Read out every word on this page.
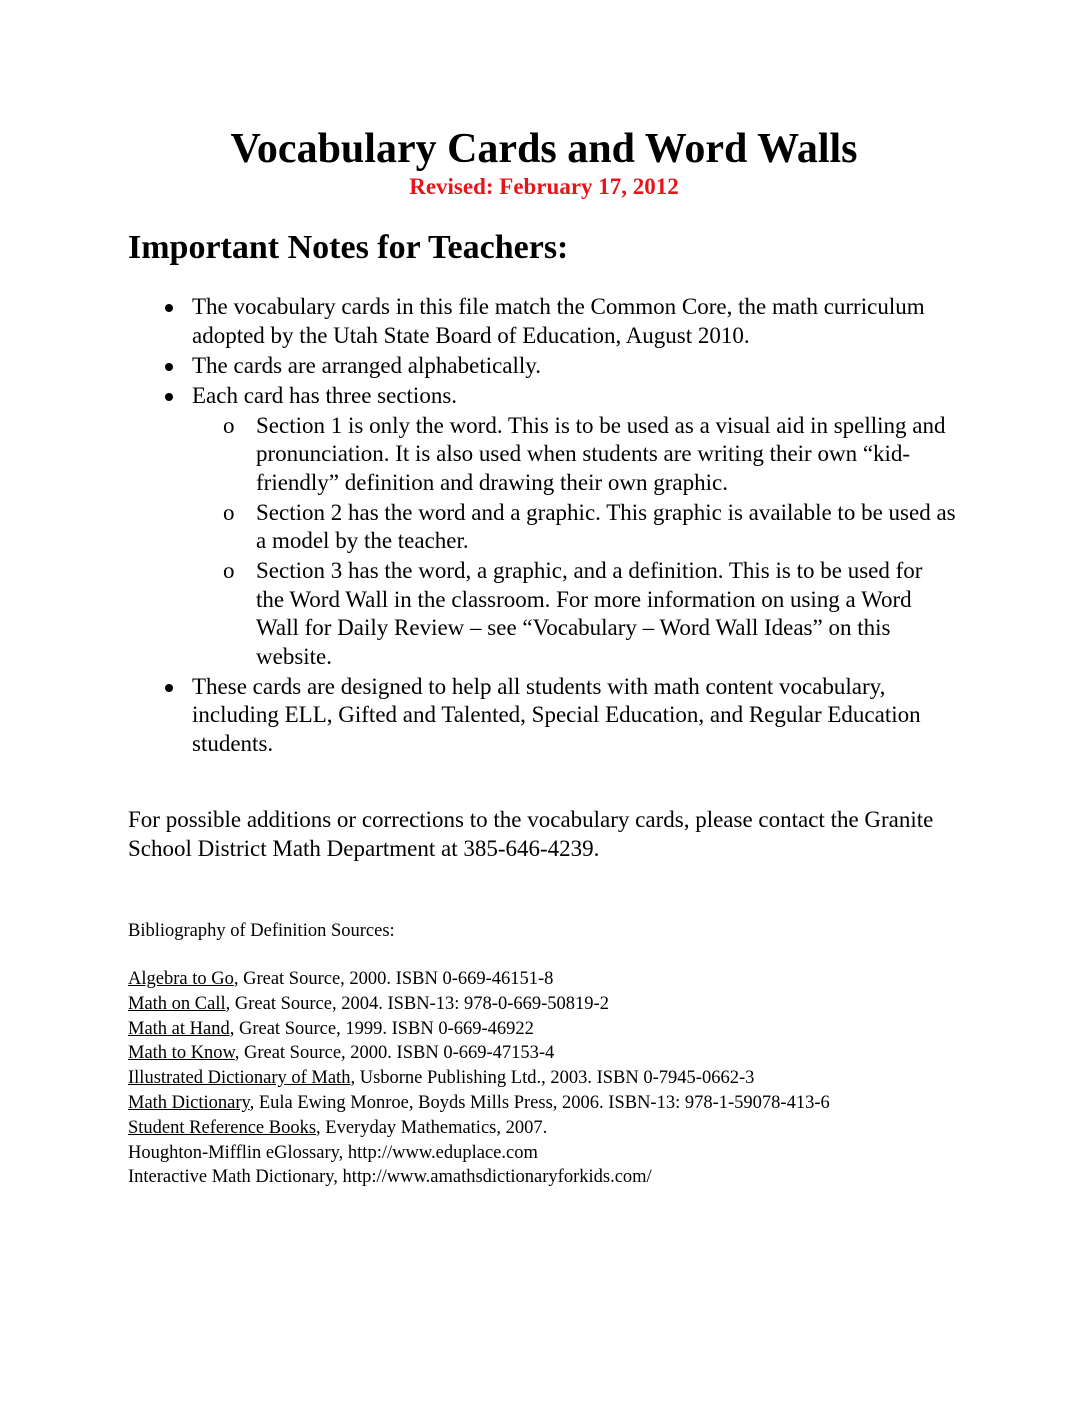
Vocabulary Cards and Word Walls
Revised: February 17, 2012
Important Notes for Teachers:
The vocabulary cards in this file match the Common Core, the math curriculum adopted by the Utah State Board of Education, August 2010.
The cards are arranged alphabetically.
Each card has three sections.
o Section 1 is only the word. This is to be used as a visual aid in spelling and pronunciation. It is also used when students are writing their own “kid-friendly” definition and drawing their own graphic.
o Section 2 has the word and a graphic. This graphic is available to be used as a model by the teacher.
o Section 3 has the word, a graphic, and a definition. This is to be used for the Word Wall in the classroom. For more information on using a Word Wall for Daily Review – see “Vocabulary – Word Wall Ideas” on this website.
These cards are designed to help all students with math content vocabulary, including ELL, Gifted and Talented, Special Education, and Regular Education students.
For possible additions or corrections to the vocabulary cards, please contact the Granite School District Math Department at 385-646-4239.
Bibliography of Definition Sources:
Algebra to Go, Great Source, 2000. ISBN 0-669-46151-8
Math on Call, Great Source, 2004. ISBN-13: 978-0-669-50819-2
Math at Hand, Great Source, 1999. ISBN 0-669-46922
Math to Know, Great Source, 2000. ISBN 0-669-47153-4
Illustrated Dictionary of Math, Usborne Publishing Ltd., 2003. ISBN 0-7945-0662-3
Math Dictionary, Eula Ewing Monroe, Boyds Mills Press, 2006. ISBN-13: 978-1-59078-413-6
Student Reference Books, Everyday Mathematics, 2007.
Houghton-Mifflin eGlossary, http://www.eduplace.com
Interactive Math Dictionary, http://www.amathsdictionaryforkids.com/
